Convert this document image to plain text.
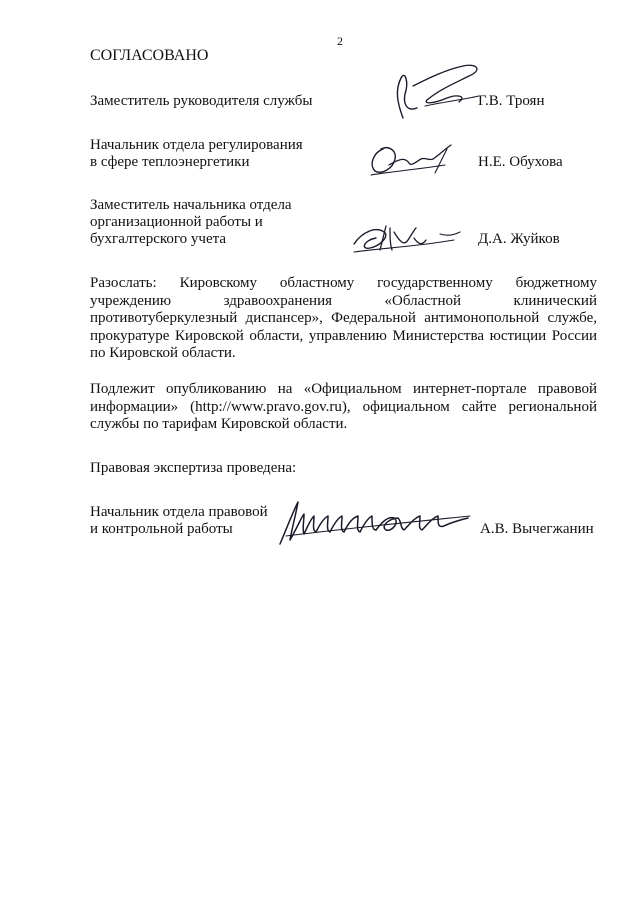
2
СОГЛАСОВАНО
Заместитель руководителя службы	Г.В. Троян
Начальник отдела регулирования
в сфере теплоэнергетики	Н.Е. Обухова
Заместитель начальника отдела
организационной работы и
бухгалтерского учета	Д.А. Жуйков
Разослать: Кировскому областному государственному бюджетному
учреждению здравоохранения «Областной клинический
противотуберкулезный диспансер», Федеральной антимонопольной службе,
прокуратуре Кировской области, управлению Министерства юстиции России
по Кировской области.
Подлежит опубликованию на «Официальном интернет-портале правовой
информации» (http://www.pravo.gov.ru), официальном сайте региональной
службы по тарифам Кировской области.
Правовая экспертиза проведена:
Начальник отдела правовой
и контрольной работы	А.В. Вычегжанин
